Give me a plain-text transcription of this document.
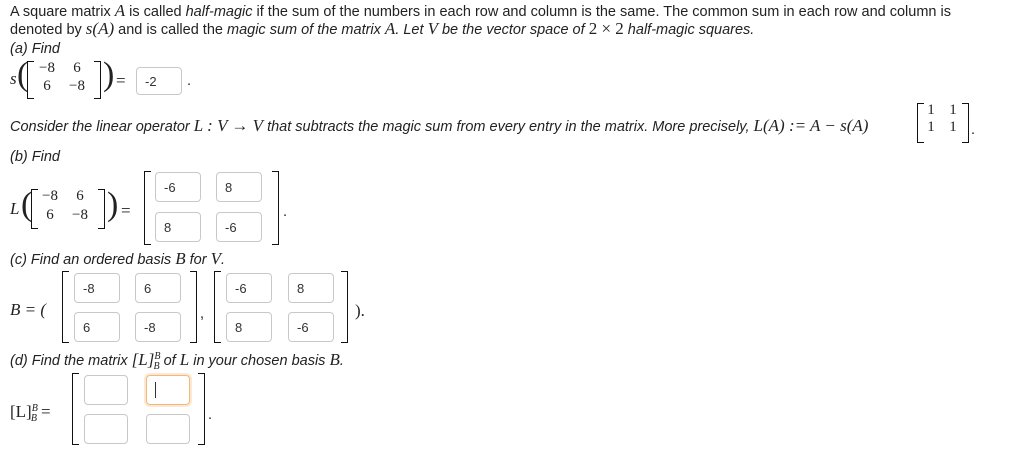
A square matrix A is called half-magic if the sum of the numbers in each row and column is the same. The common sum in each row and column is
denoted by s(A) and is called the magic sum of the matrix A. Let V be the vector space of 2 × 2 half-magic squares.
(a) Find
s ( −8	6
6	−8 ) =	-2	.
Consider the linear operator L : V → V that subtracts the magic sum from every entry in the matrix. More precisely, L(A) := A − s(A)
1 1
1 1 .
(b) Find
L ( −8	6
6	−8 ) =
-6	8
8	-6
.
(c) Find an ordered basis B for V.
B = (
-8	6
6	-8
,
-6	8
8	-6
).
(d) Find the matrix $[L]^B_B$ of L in your chosen basis B.
$[L]^B_B$ =	.
